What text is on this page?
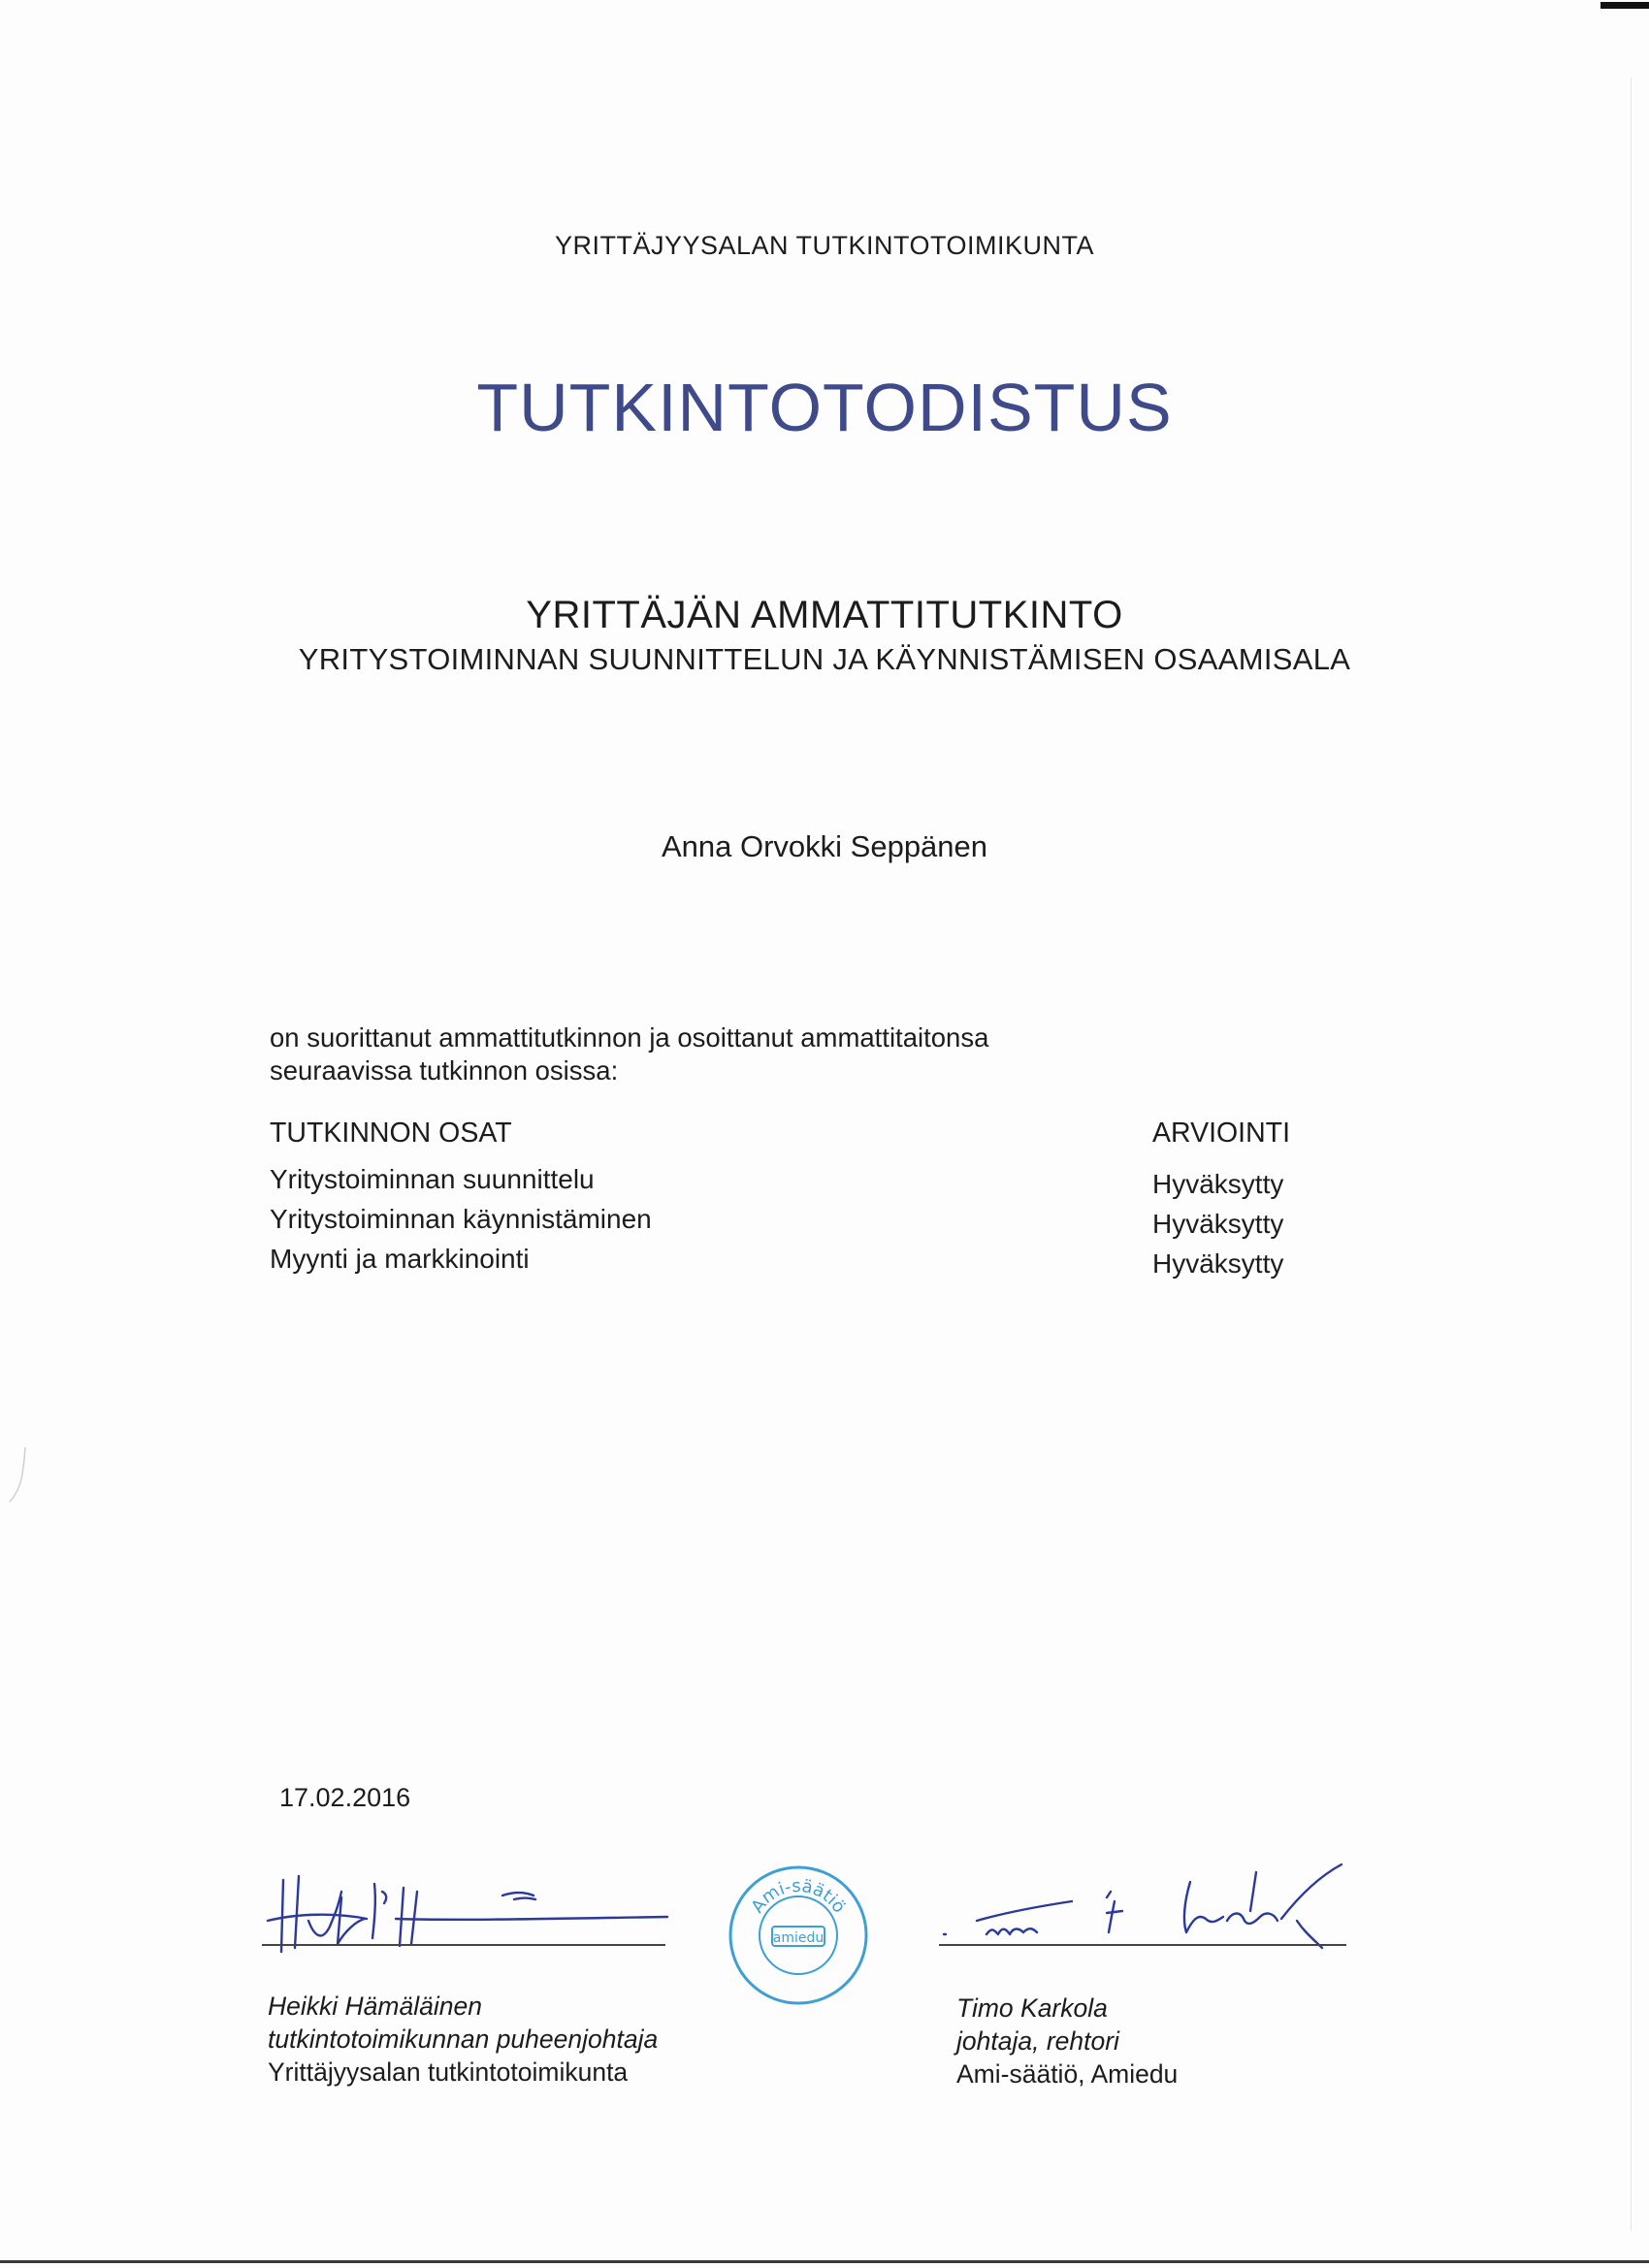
YRITTÄJYYSALAN TUTKINTOTOIMIKUNTA
TUTKINTOTODISTUS
YRITTÄJÄN AMMATTITUTKINTO
YRITYSTOIMINNAN SUUNNITTELUN JA KÄYNNISTÄMISEN OSAAMISALA
Anna Orvokki Seppänen
on suorittanut ammattitutkinnon ja osoittanut ammattitaitonsa
seuraavissa tutkinnon osissa:
TUTKINNON OSAT	ARVIOINTI
Yritystoiminnan suunnittelu	Hyväksytty
Yritystoiminnan käynnistäminen	Hyväksytty
Myynti ja markkinointi	Hyväksytty
17.02.2016
Ami-säätiö
amiedu
Heikki Hämäläinen
tutkintotoimikunnan puheenjohtaja
Yrittäjyysalan tutkintotoimikunta
Timo Karkola
johtaja, rehtori
Ami-säätiö, Amiedu
